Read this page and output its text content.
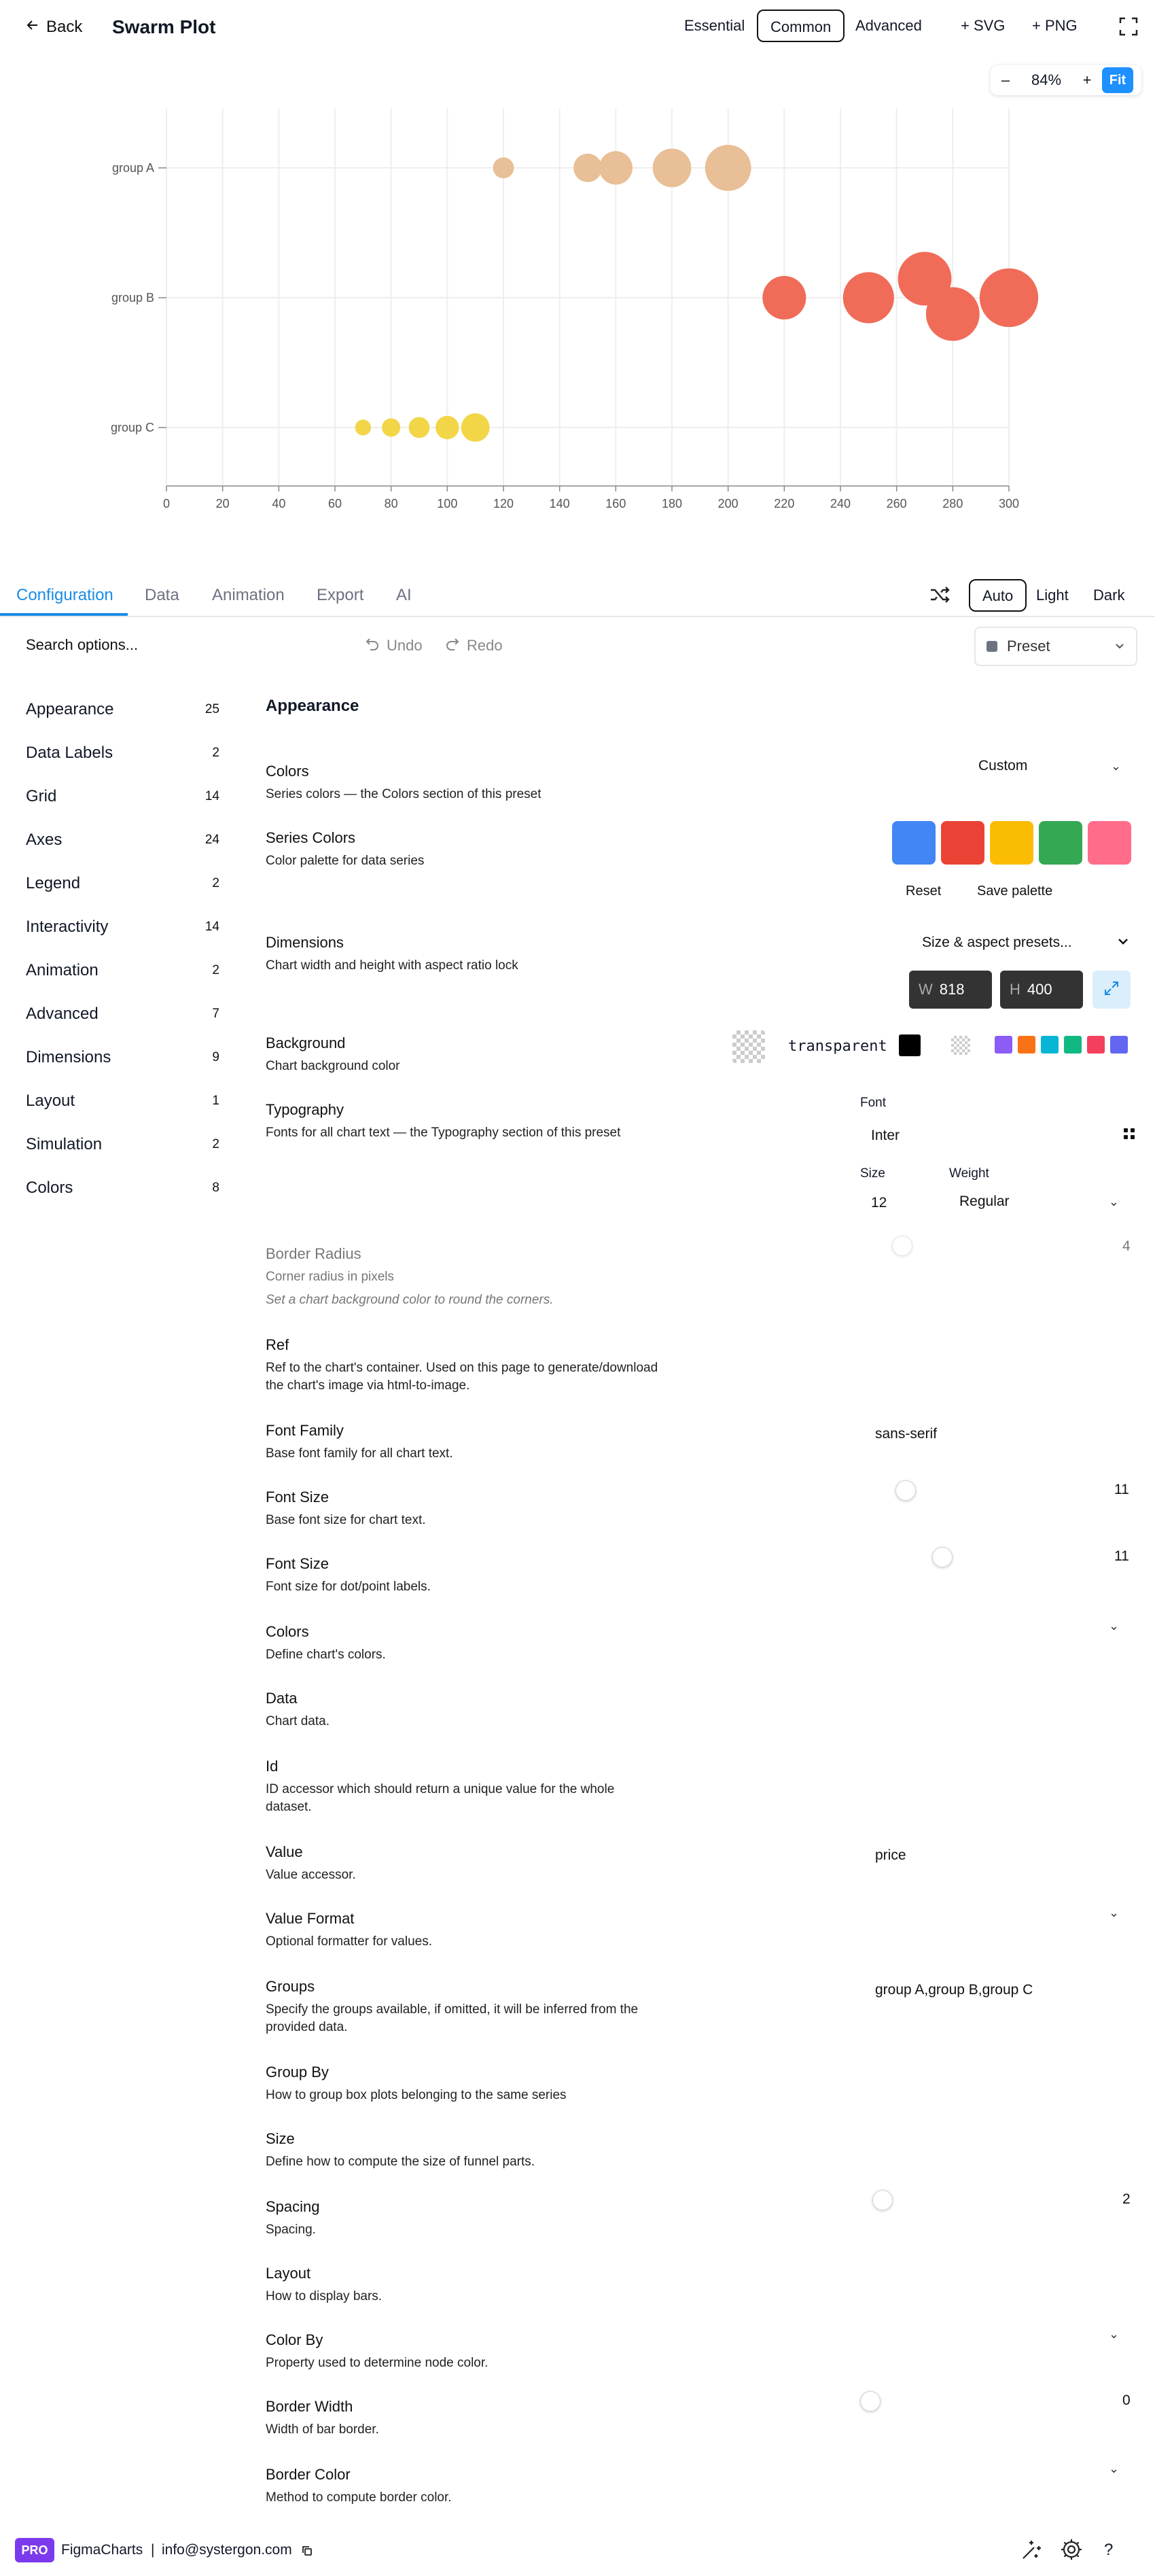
Back Swarm Plot	Essential	Common	Advanced	+ SVG + PNG
–	84%	+	Fit
0	20	40	60	80	100	120	140	160	180	200	220	240	260	280	300
group A
group B
group C
Configuration Data Animation Export AI	Auto	Light	Dark
Search options...	Undo	Redo	Preset
Appearance	25
Data Labels	2
Grid	14
Axes	24
Legend	2
Interactivity	14
Animation	2
Advanced	7
Dimensions	9
Layout	1
Simulation	2
Colors	8
Appearance
Colors
Series colors — the Colors section of this preset
Custom	⌄
Series Colors
Color palette for data series
Reset	Save palette
Dimensions
Chart width and height with aspect ratio lock
Size & aspect presets...
W 818	H 400
Background
Chart background color
transparent
Typography
Fonts for all chart text — the Typography section of this preset
Font
Inter
Size
12
Weight
Regular	⌄
Border Radius
Corner radius in pixels
Set a chart background color to round the corners.
4
Ref
Ref to the chart's container. Used on this page to generate/download the chart's image via html-to-image.
Font Family
Base font family for all chart text.
sans-serif
Font Size
Base font size for chart text.
11
Font Size
Font size for dot/point labels.
11
Colors
Define chart's colors.
⌄
Data
Chart data.
Id
ID accessor which should return a unique value for the whole dataset.
Value
Value accessor.
price
Value Format
Optional formatter for values.
⌄
Groups
Specify the groups available, if omitted, it will be inferred from the provided data.
group A,group B,group C
Group By
How to group box plots belonging to the same series
Size
Define how to compute the size of funnel parts.
Spacing
Spacing.
2
Layout
How to display bars.
Color By
Property used to determine node color.
⌄
Border Width
Width of bar border.
0
Border Color
Method to compute border color.
⌄
PRO FigmaCharts | info@systergon.com	?
